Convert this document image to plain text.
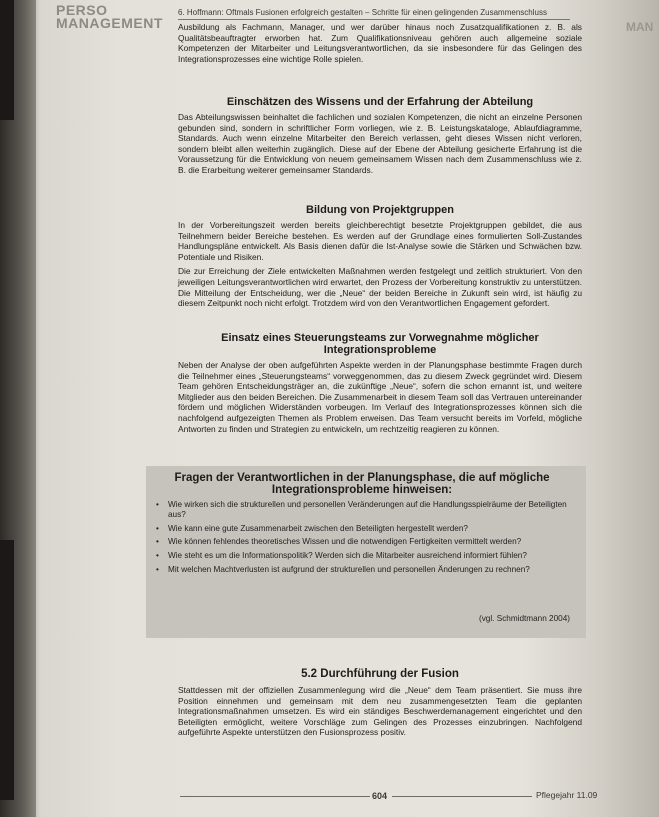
PERSO
MANAGEMENT	MAN
6. Hoffmann: Oftmals Fusionen erfolgreich gestalten – Schritte für einen gelingenden Zusammenschluss

Ausbildung als Fachmann, Manager, und wer darüber hinaus noch Zusatzqualifikationen z. B. als Qualitätsbeauftragter erworben hat. Zum Qualifikationsniveau gehören auch allgemeine soziale Kompetenzen der Mitarbeiter und Leitungsverantwortlichen, da sie insbesondere für das Gelingen des Integrationsprozesses eine wichtige Rolle spielen.

Einschätzen des Wissens und der Erfahrung der Abteilung

Das Abteilungswissen beinhaltet die fachlichen und sozialen Kompetenzen, die nicht an einzelne Personen gebunden sind, sondern in schriftlicher Form vorliegen, wie z. B. Leistungskataloge, Ablaufdiagramme, Standards. Auch wenn einzelne Mitarbeiter den Bereich verlassen, geht dieses Wissen nicht verloren, sondern bleibt allen weiterhin zugänglich. Diese auf der Ebene der Abteilung gesicherte Erfahrung ist die Voraussetzung für die Entwicklung von neuem gemeinsamem Wissen nach dem Zusammenschluss wie z. B. die Erarbeitung weiterer gemeinsamer Standards.

Bildung von Projektgruppen

In der Vorbereitungszeit werden bereits gleichberechtigt besetzte Projektgruppen gebildet, die aus Teilnehmern beider Bereiche bestehen. Es werden auf der Grundlage eines formulierten Soll-Zustandes Handlungspläne entwickelt. Als Basis dienen dafür die Ist-Analyse sowie die Stärken und Schwächen bzw. Potentiale und Risiken.

Die zur Erreichung der Ziele entwickelten Maßnahmen werden festgelegt und zeitlich strukturiert. Von den jeweiligen Leitungsverantwortlichen wird erwartet, den Prozess der Vorbereitung konstruktiv zu unterstützen. Die Mitteilung der Entscheidung, wer die „Neue“ der beiden Bereiche in Zukunft sein wird, ist häufig zu diesem Zeitpunkt noch nicht erfolgt. Trotzdem wird von den Verantwortlichen Engagement gefordert.

Einsatz eines Steuerungsteams zur Vorwegnahme möglicher Integrationsprobleme

Neben der Analyse der oben aufgeführten Aspekte werden in der Planungsphase bestimmte Fragen durch die Teilnehmer eines „Steuerungsteams“ vorweggenommen, das zu diesem Zweck gegründet wird. Diesem Team gehören Entscheidungsträger an, die zukünftige „Neue“, sofern die schon ernannt ist, und weitere Mitglieder aus den beiden Bereichen. Die Zusammenarbeit in diesem Team soll das Vertrauen untereinander fördern und möglichen Widerständen vorbeugen. Im Verlauf des Integrationsprozesses können sich die nachfolgend aufgezeigten Themen als Problem erweisen. Das Team versucht bereits im Vorfeld, mögliche Antworten zu finden und Strategien zu entwickeln, um rechtzeitig reagieren zu können.

Fragen der Verantwortlichen in der Planungsphase, die auf mögliche Integrationsprobleme hinweisen:
• Wie wirken sich die strukturellen und personellen Veränderungen auf die Handlungsspielräume der Beteiligten aus?
• Wie kann eine gute Zusammenarbeit zwischen den Beteiligten hergestellt werden?
• Wie können fehlendes theoretisches Wissen und die notwendigen Fertigkeiten vermittelt werden?
• Wie steht es um die Informationspolitik? Werden sich die Mitarbeiter ausreichend informiert fühlen?
• Mit welchen Machtverlusten ist aufgrund der strukturellen und personellen Änderungen zu rechnen?
(vgl. Schmidtmann 2004)

5.2 Durchführung der Fusion

Stattdessen mit der offiziellen Zusammenlegung wird die „Neue“ dem Team präsentiert. Sie muss ihre Position einnehmen und gemeinsam mit dem neu zusammengesetzten Team die geplanten Integrationsmaßnahmen umsetzen. Es wird ein ständiges Beschwerdemanagement eingerichtet und den Beteiligten ermöglicht, weitere Vorschläge zum Gelingen des Prozesses einzubringen. Nachfolgend aufgeführte Aspekte unterstützen den Fusionsprozess positiv.

604	Pflegejahr 11.09
